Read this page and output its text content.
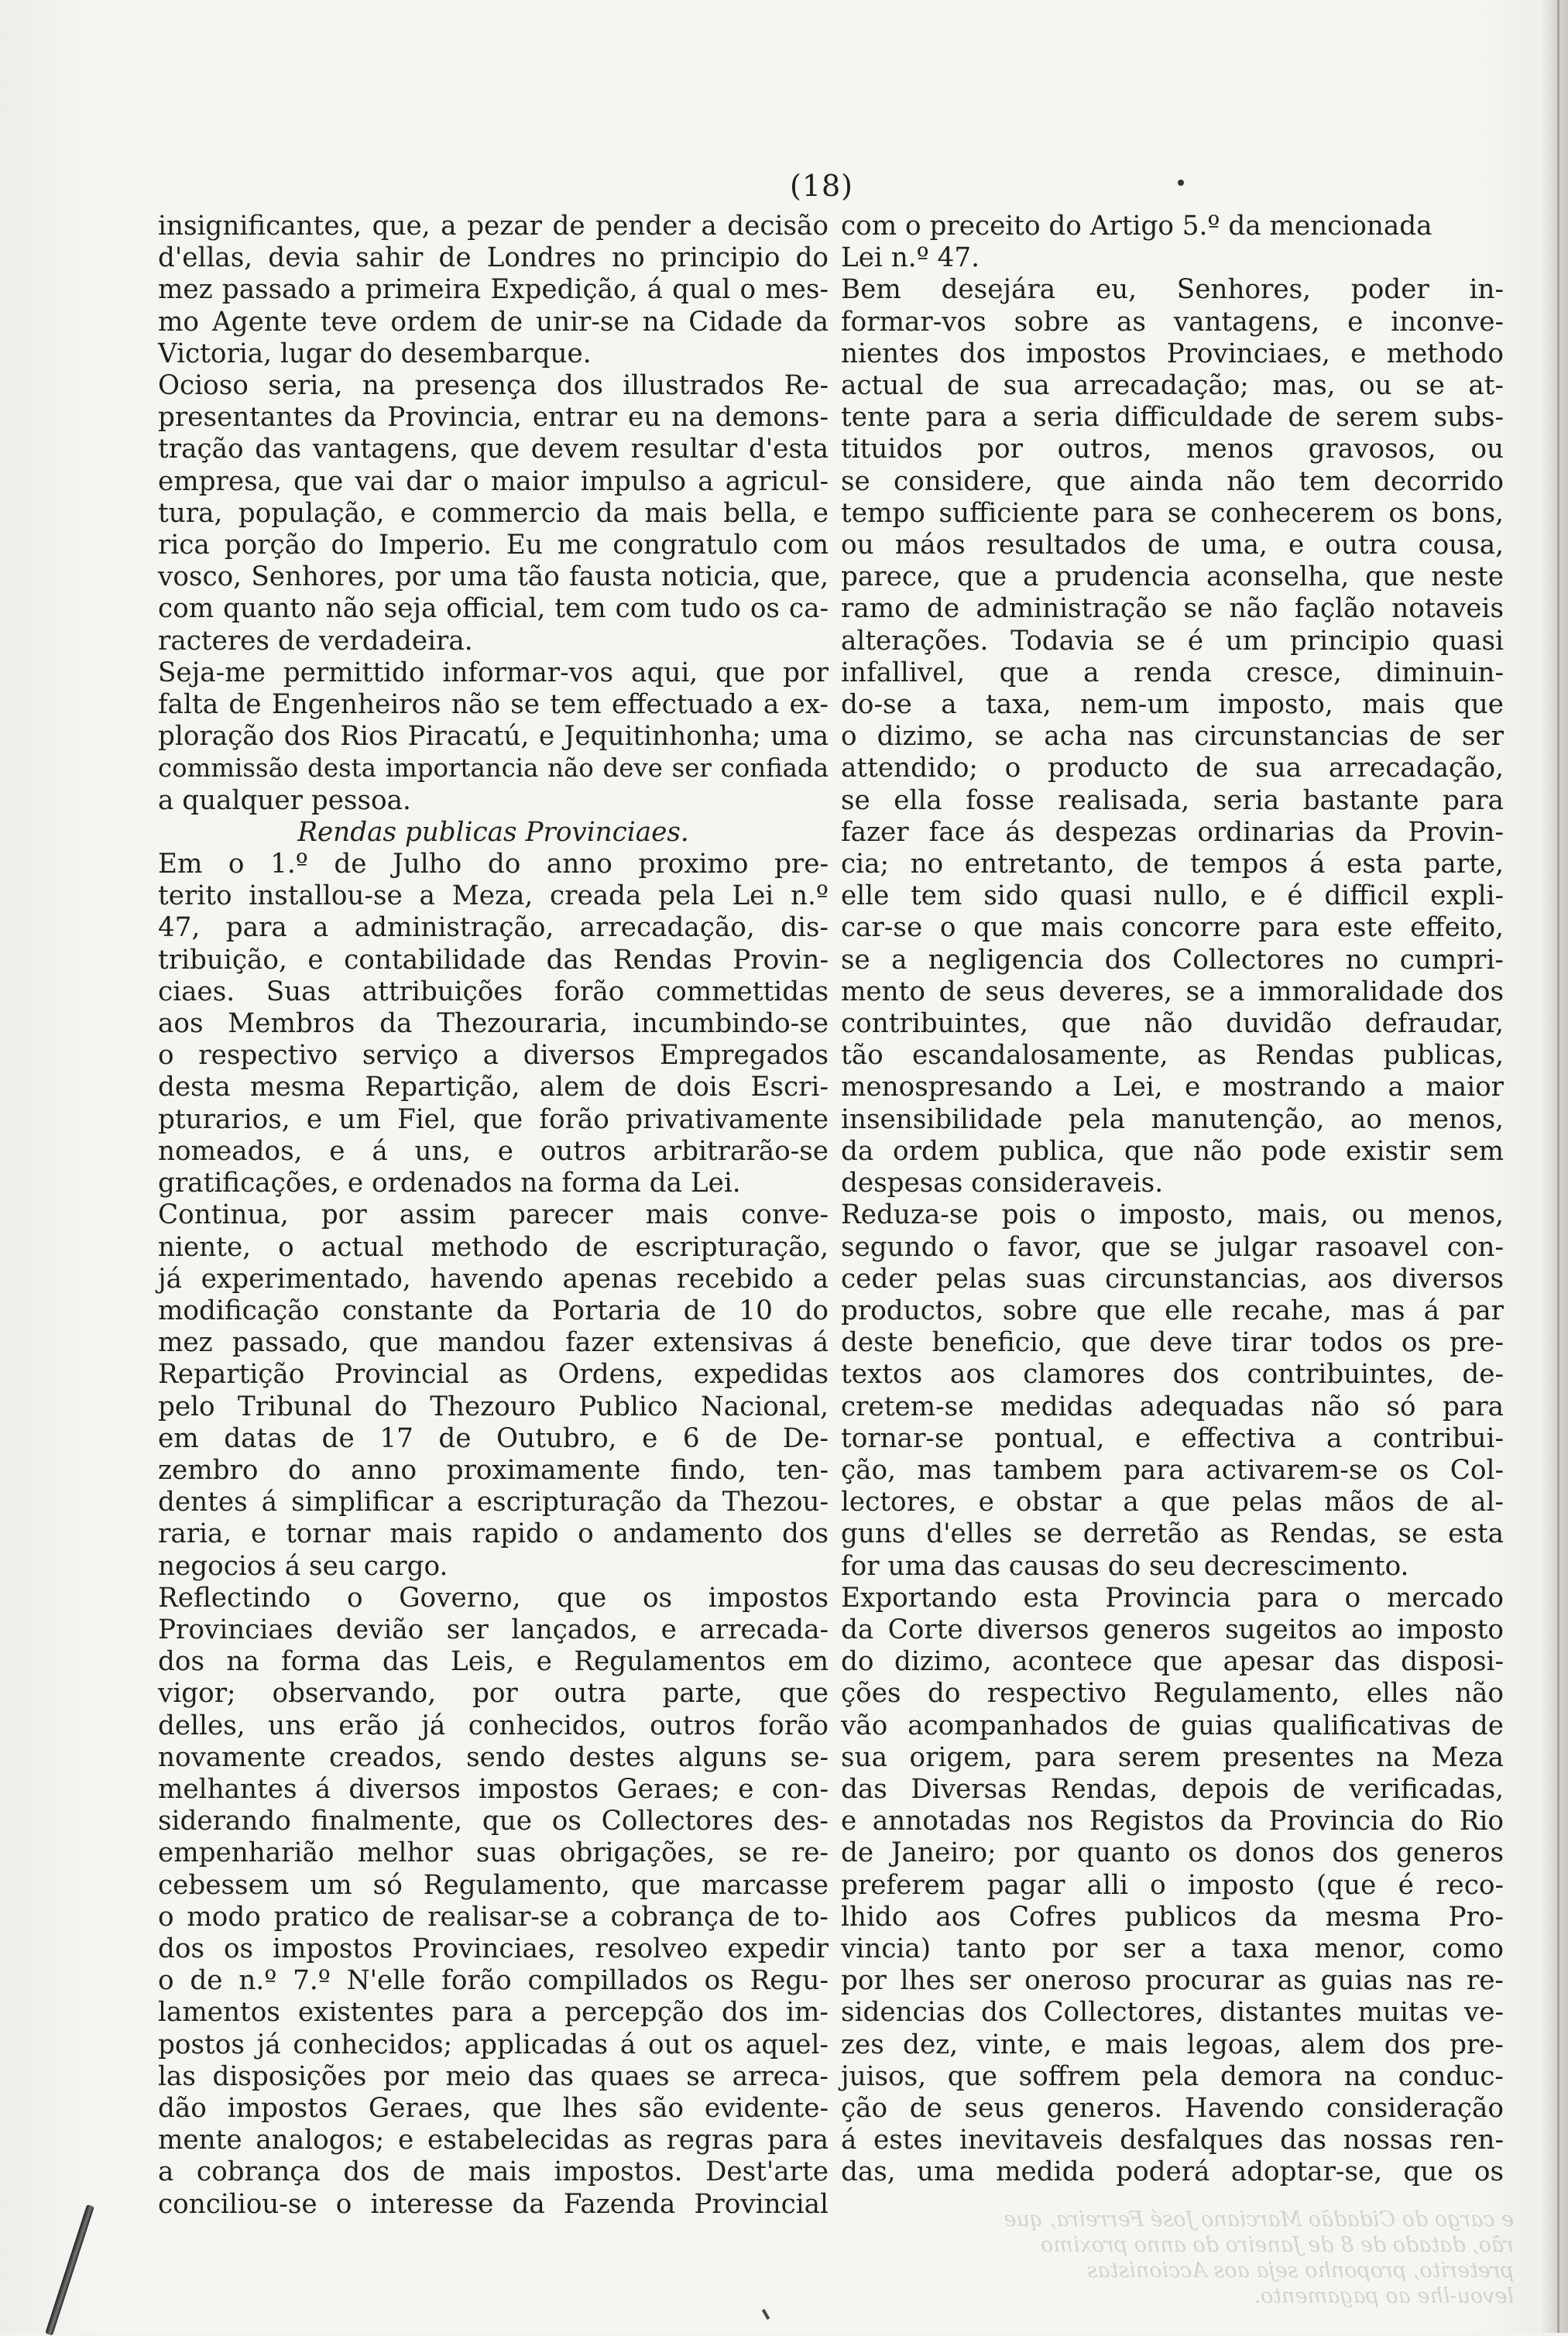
(18)

insignificantes, que, a pezar de pender a decisão

d'ellas, devia sahir de Londres no principio do

mez passado a primeira Expedição, á qual o mes-

mo Agente teve ordem de unir-se na Cidade da

Victoria, lugar do desembarque.

Ocioso seria, na presença dos illustrados Re-

presentantes da Provincia, entrar eu na demons-

tração das vantagens, que devem resultar d'esta

empresa, que vai dar o maior impulso a agricul-

tura, população, e commercio da mais bella, e

rica porção do Imperio. Eu me congratulo com

vosco, Senhores, por uma tão fausta noticia, que,

com quanto não seja official, tem com tudo os ca-

racteres de verdadeira.

Seja-me permittido informar-vos aqui, que por

falta de Engenheiros não se tem effectuado a ex-

ploração dos Rios Piracatú, e Jequitinhonha; uma

commissão desta importancia não deve ser confiada

a qualquer pessoa.

Rendas publicas Provinciaes.

Em o 1.º de Julho do anno proximo pre-

terito installou-se a Meza, creada pela Lei n.º

47, para a administração, arrecadação, dis-

tribuição, e contabilidade das Rendas Provin-

ciaes. Suas attribuições forão commettidas

aos Membros da Thezouraria, incumbindo-se

o respectivo serviço a diversos Empregados

desta mesma Repartição, alem de dois Escri-

pturarios, e um Fiel, que forão privativamente

nomeados, e á uns, e outros arbitrarão-se

gratificações, e ordenados na forma da Lei.

Continua, por assim parecer mais conve-

niente, o actual methodo de escripturação,

já experimentado, havendo apenas recebido a

modificação constante da Portaria de 10 do

mez passado, que mandou fazer extensivas á

Repartição Provincial as Ordens, expedidas

pelo Tribunal do Thezouro Publico Nacional,

em datas de 17 de Outubro, e 6 de De-

zembro do anno proximamente findo, ten-

dentes á simplificar a escripturação da Thezou-

raria, e tornar mais rapido o andamento dos

negocios á seu cargo.

Reflectindo o Governo, que os impostos

Provinciaes devião ser lançados, e arrecada-

dos na forma das Leis, e Regulamentos em

vigor; observando, por outra parte, que

delles, uns erão já conhecidos, outros forão

novamente creados, sendo destes alguns se-

melhantes á diversos impostos Geraes; e con-

siderando finalmente, que os Collectores des-

empenharião melhor suas obrigações, se re-

cebessem um só Regulamento, que marcasse

o modo pratico de realisar-se a cobrança de to-

dos os impostos Provinciaes, resolveo expedir

o de n.º 7.º N'elle forão compillados os Regu-

lamentos existentes para a percepção dos im-

postos já conhecidos; applicadas á out os aquel-

las disposições por meio das quaes se arreca-

dão impostos Geraes, que lhes são evidente-

mente analogos; e estabelecidas as regras para

a cobrança dos de mais impostos. Dest'arte

conciliou-se o interesse da Fazenda Provincial

com o preceito do Artigo 5.º da mencionada

Lei n.º 47.

Bem desejára eu, Senhores, poder in-

formar-vos sobre as vantagens, e inconve-

nientes dos impostos Provinciaes, e methodo

actual de sua arrecadação; mas, ou se at-

tente para a seria difficuldade de serem subs-

tituidos por outros, menos gravosos, ou

se considere, que ainda não tem decorrido

tempo sufficiente para se conhecerem os bons,

ou máos resultados de uma, e outra cousa,

parece, que a prudencia aconselha, que neste

ramo de administração se não façlão notaveis

alterações. Todavia se é um principio quasi

infallivel, que a renda cresce, diminuin-

do-se a taxa, nem-um imposto, mais que

o dizimo, se acha nas circunstancias de ser

attendido; o producto de sua arrecadação,

se ella fosse realisada, seria bastante para

fazer face ás despezas ordinarias da Provin-

cia; no entretanto, de tempos á esta parte,

elle tem sido quasi nullo, e é difficil expli-

car-se o que mais concorre para este effeito,

se a negligencia dos Collectores no cumpri-

mento de seus deveres, se a immoralidade dos

contribuintes, que não duvidão defraudar,

tão escandalosamente, as Rendas publicas,

menospresando a Lei, e mostrando a maior

insensibilidade pela manutenção, ao menos,

da ordem publica, que não pode existir sem

despesas consideraveis.

Reduza-se pois o imposto, mais, ou menos,

segundo o favor, que se julgar rasoavel con-

ceder pelas suas circunstancias, aos diversos

productos, sobre que elle recahe, mas á par

deste beneficio, que deve tirar todos os pre-

textos aos clamores dos contribuintes, de-

cretem-se medidas adequadas não só para

tornar-se pontual, e effectiva a contribui-

ção, mas tambem para activarem-se os Col-

lectores, e obstar a que pelas mãos de al-

guns d'elles se derretão as Rendas, se esta

for uma das causas do seu decrescimento.

Exportando esta Provincia para o mercado

da Corte diversos generos sugeitos ao imposto

do dizimo, acontece que apesar das disposi-

ções do respectivo Regulamento, elles não

vão acompanhados de guias qualificativas de

sua origem, para serem presentes na Meza

das Diversas Rendas, depois de verificadas,

e annotadas nos Registos da Provincia do Rio

de Janeiro; por quanto os donos dos generos

preferem pagar alli o imposto (que é reco-

lhido aos Cofres publicos da mesma Pro-

vincia) tanto por ser a taxa menor, como

por lhes ser oneroso procurar as guias nas re-

sidencias dos Collectores, distantes muitas ve-

zes dez, vinte, e mais legoas, alem dos pre-

juisos, que soffrem pela demora na conduc-

ção de seus generos. Havendo consideração

á estes inevitaveis desfalques das nossas ren-

das, uma medida poderá adoptar-se, que os

e cargo do Cidadão Marciano José Ferreira, que

rão, datado de 8 de Janeiro do anno proximo

preterito, proponho seja aos Accionistas

levou-lhe ao pagamento.
